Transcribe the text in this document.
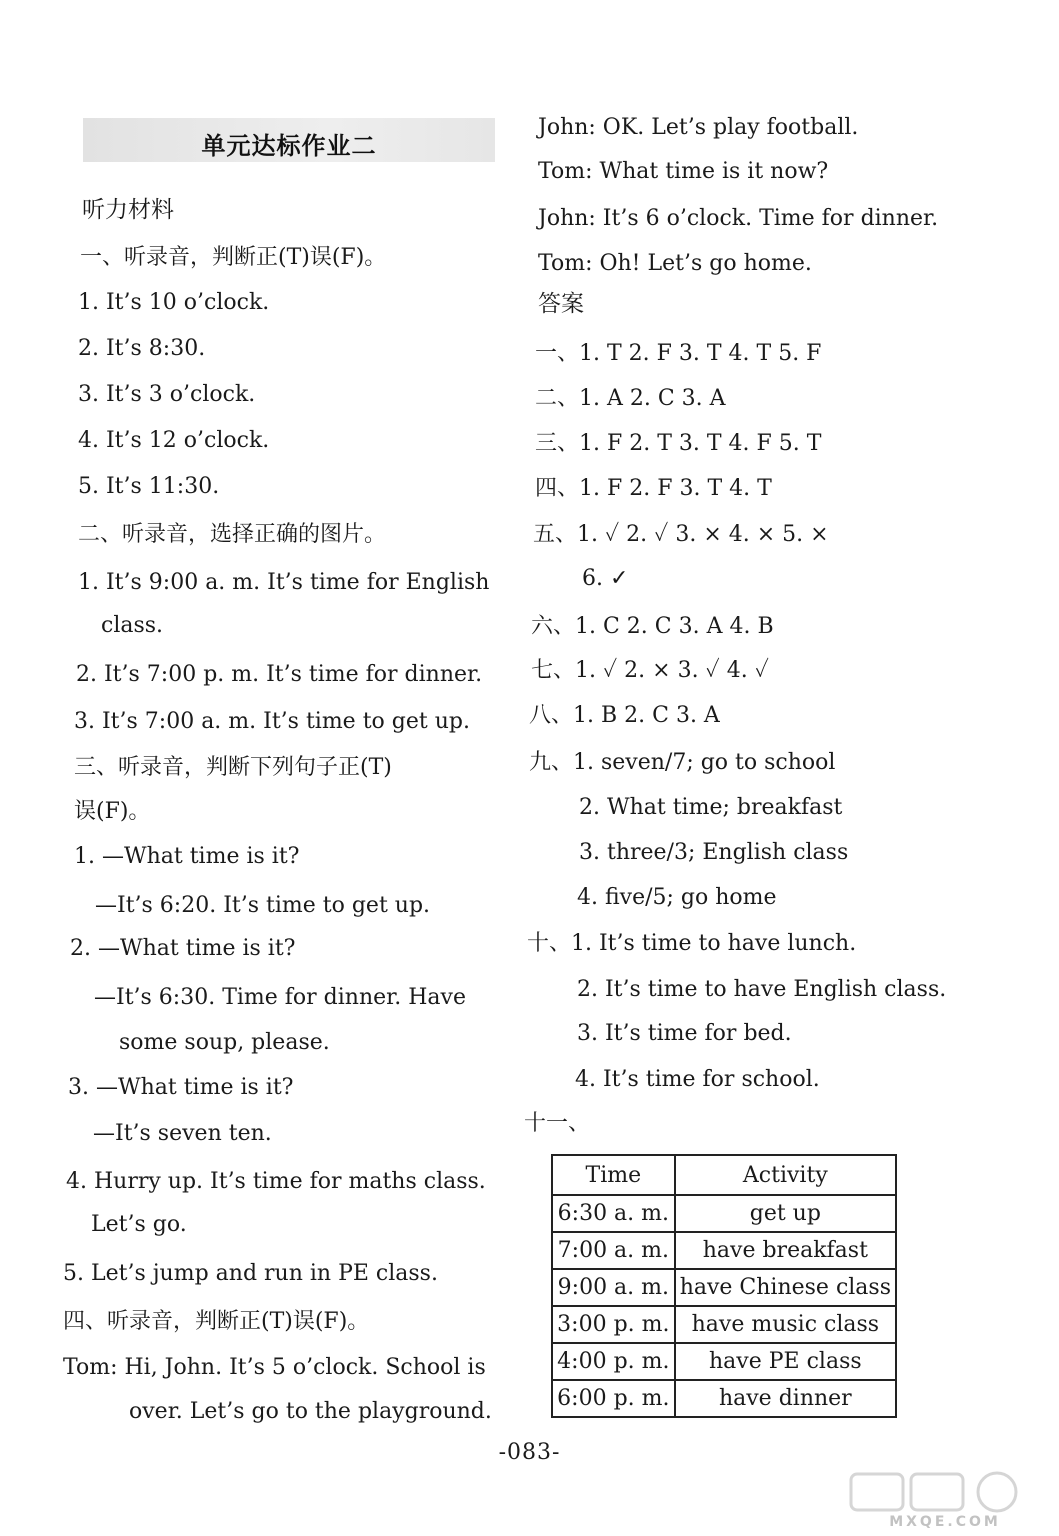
单元达标作业二
听力材料
一、听录音，判断正(T)误(F)。
1. It’s 10 o’clock.
2. It’s 8:30.
3. It’s 3 o’clock.
4. It’s 12 o’clock.
5. It’s 11:30.
二、听录音，选择正确的图片。
1. It’s 9:00 a. m. It’s time for English
class.
2. It’s 7:00 p. m. It’s time for dinner.
3. It’s 7:00 a. m. It’s time to get up.
三、听录音，判断下列句子正(T)
误(F)。
1. —What time is it?
—It’s 6:20. It’s time to get up.
2. —What time is it?
—It’s 6:30. Time for dinner. Have
some soup, please.
3. —What time is it?
—It’s seven ten.
4. Hurry up. It’s time for maths class.
Let’s go.
5. Let’s jump and run in PE class.
四、听录音，判断正(T)误(F)。
Tom: Hi, John. It’s 5 o’clock. School is
over. Let’s go to the playground.
John: OK. Let’s play football.
Tom: What time is it now?
John: It’s 6 o’clock. Time for dinner.
Tom: Oh! Let’s go home.
答案
一、1. T 2. F 3. T 4. T 5. F
二、1. A 2. C 3. A
三、1. F 2. T 3. T 4. F 5. T
四、1. F 2. F 3. T 4. T
五、1. ✓ 2. ✓ 3. × 4. × 5. ×
6. ✓
六、1. C 2. C 3. A 4. B
七、1. ✓ 2. × 3. ✓ 4. ✓
八、1. B 2. C 3. A
九、1. seven/7; go to school
2. What time; breakfast
3. three/3; English class
4. five/5; go home
十、1. It’s time to have lunch.
2. It’s time to have English class.
3. It’s time for bed.
4. It’s time for school.
十一、
Time	Activity
6:30 a. m.	get up
7:00 a. m.	have breakfast
9:00 a. m.	have Chinese class
3:00 p. m.	have music class
4:00 p. m.	have PE class
6:00 p. m.	have dinner
-083-
MXQE.COM
